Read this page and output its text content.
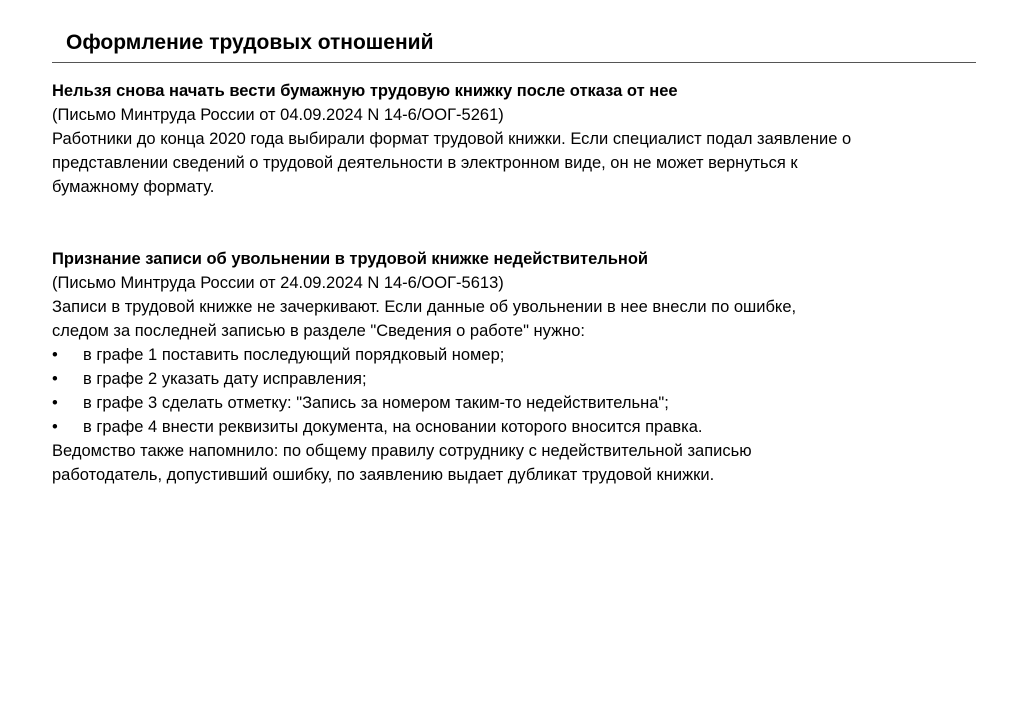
Оформление трудовых отношений
Нельзя снова начать вести бумажную трудовую книжку после отказа от нее
(Письмо Минтруда России от 04.09.2024 N 14-6/ООГ-5261)
Работники до конца 2020 года выбирали формат трудовой книжки. Если специалист подал заявление о
представлении сведений о трудовой деятельности в электронном виде, он не может вернуться к
бумажному формату.
Признание записи об увольнении в трудовой книжке недействительной
(Письмо Минтруда России от 24.09.2024 N 14-6/ООГ-5613)
Записи в трудовой книжке не зачеркивают. Если данные об увольнении в нее внесли по ошибке,
следом за последней записью в разделе "Сведения о работе" нужно:
• в графе 1 поставить последующий порядковый номер;
• в графе 2 указать дату исправления;
• в графе 3 сделать отметку: "Запись за номером таким-то недействительна";
• в графе 4 внести реквизиты документа, на основании которого вносится правка.
Ведомство также напомнило: по общему правилу сотруднику с недействительной записью
работодатель, допустивший ошибку, по заявлению выдает дубликат трудовой книжки.
